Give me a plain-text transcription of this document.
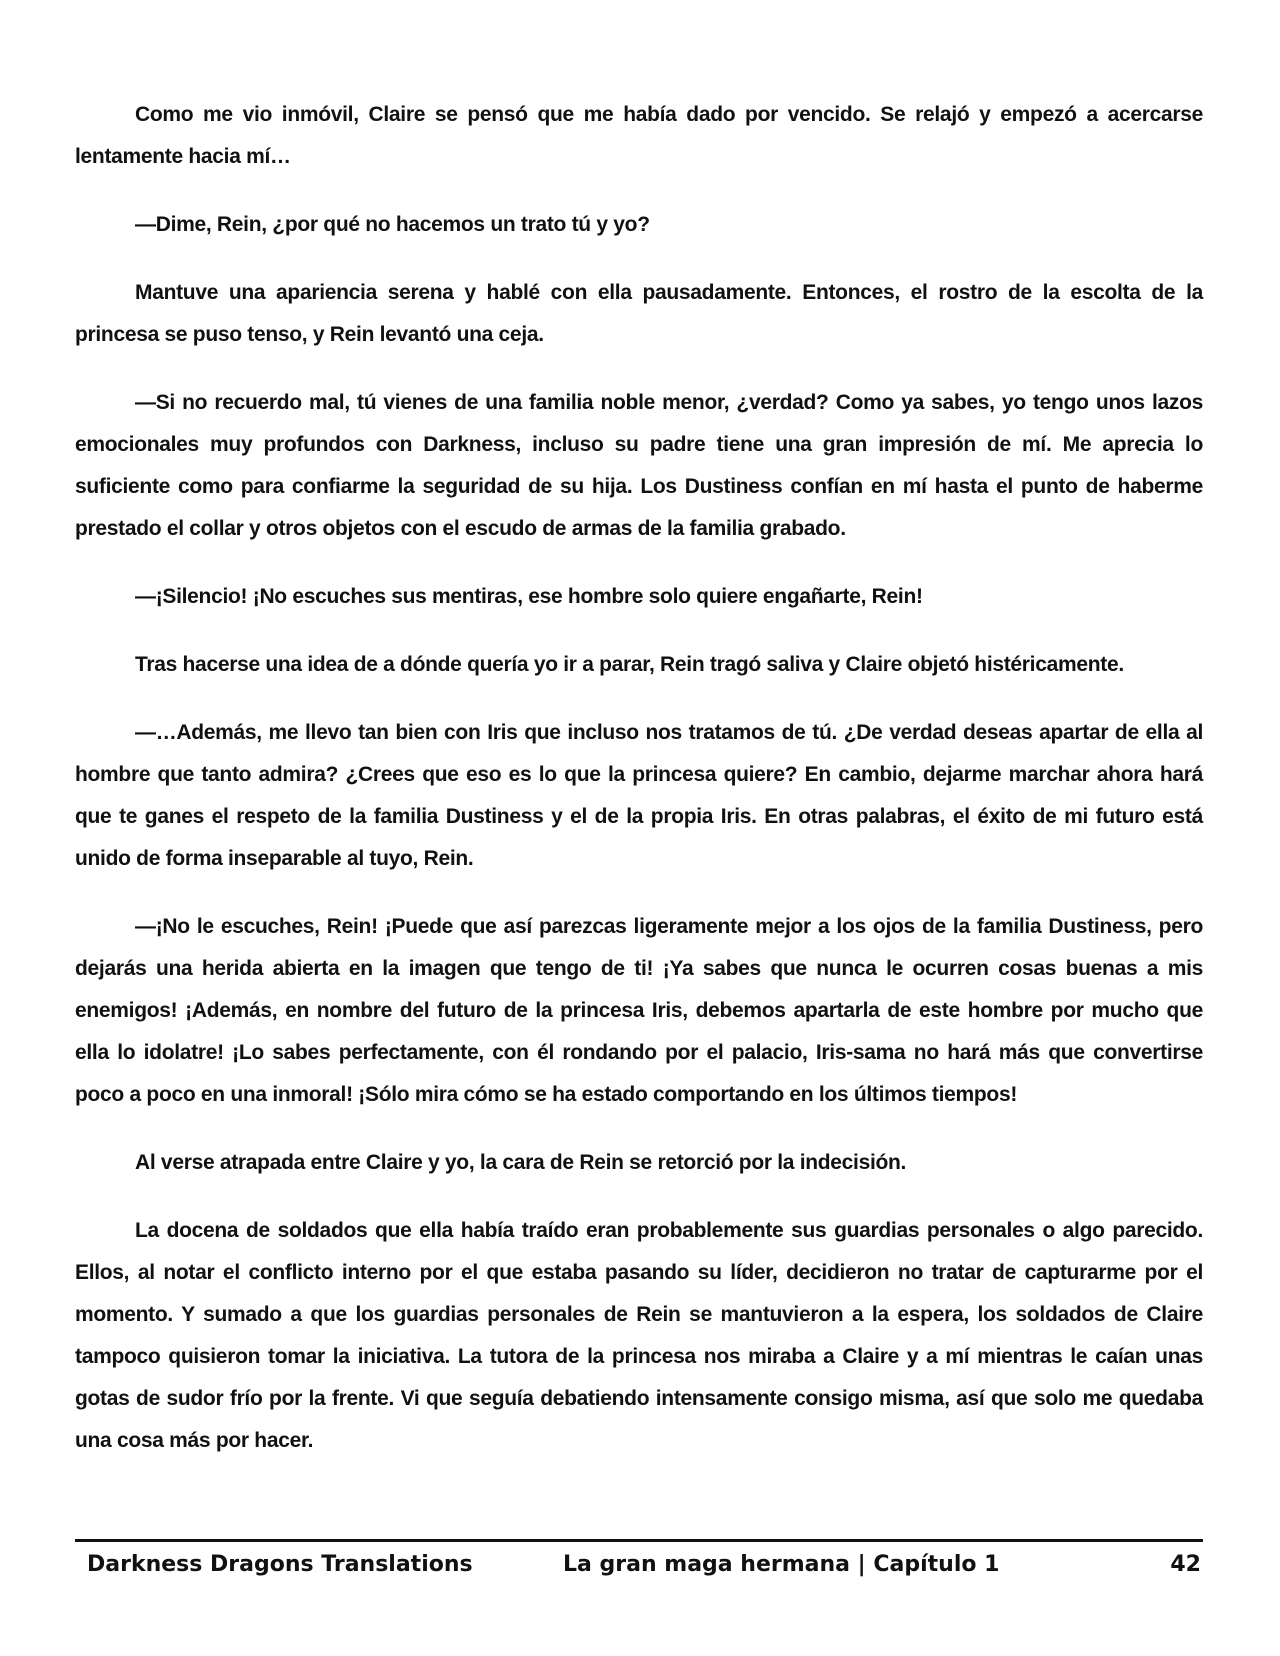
Como me vio inmóvil, Claire se pensó que me había dado por vencido. Se relajó y empezó a acercarse lentamente hacia mí…

—Dime, Rein, ¿por qué no hacemos un trato tú y yo?

Mantuve una apariencia serena y hablé con ella pausadamente. Entonces, el rostro de la escolta de la princesa se puso tenso, y Rein levantó una ceja.

—Si no recuerdo mal, tú vienes de una familia noble menor, ¿verdad? Como ya sabes, yo tengo unos lazos emocionales muy profundos con Darkness, incluso su padre tiene una gran impresión de mí. Me aprecia lo suficiente como para confiarme la seguridad de su hija. Los Dustiness confían en mí hasta el punto de haberme prestado el collar y otros objetos con el escudo de armas de la familia grabado.

—¡Silencio! ¡No escuches sus mentiras, ese hombre solo quiere engañarte, Rein!

Tras hacerse una idea de a dónde quería yo ir a parar, Rein tragó saliva y Claire objetó histéricamente.

—…Además, me llevo tan bien con Iris que incluso nos tratamos de tú. ¿De verdad deseas apartar de ella al hombre que tanto admira? ¿Crees que eso es lo que la princesa quiere? En cambio, dejarme marchar ahora hará que te ganes el respeto de la familia Dustiness y el de la propia Iris. En otras palabras, el éxito de mi futuro está unido de forma inseparable al tuyo, Rein.

—¡No le escuches, Rein! ¡Puede que así parezcas ligeramente mejor a los ojos de la familia Dustiness, pero dejarás una herida abierta en la imagen que tengo de ti! ¡Ya sabes que nunca le ocurren cosas buenas a mis enemigos! ¡Además, en nombre del futuro de la princesa Iris, debemos apartarla de este hombre por mucho que ella lo idolatre! ¡Lo sabes perfectamente, con él rondando por el palacio, Iris-sama no hará más que convertirse poco a poco en una inmoral! ¡Sólo mira cómo se ha estado comportando en los últimos tiempos!

Al verse atrapada entre Claire y yo, la cara de Rein se retorció por la indecisión.

La docena de soldados que ella había traído eran probablemente sus guardias personales o algo parecido. Ellos, al notar el conflicto interno por el que estaba pasando su líder, decidieron no tratar de capturarme por el momento. Y sumado a que los guardias personales de Rein se mantuvieron a la espera, los soldados de Claire tampoco quisieron tomar la iniciativa. La tutora de la princesa nos miraba a Claire y a mí mientras le caían unas gotas de sudor frío por la frente. Vi que seguía debatiendo intensamente consigo misma, así que solo me quedaba una cosa más por hacer.

Darkness Dragons Translations	La gran maga hermana | Capítulo 1	42
